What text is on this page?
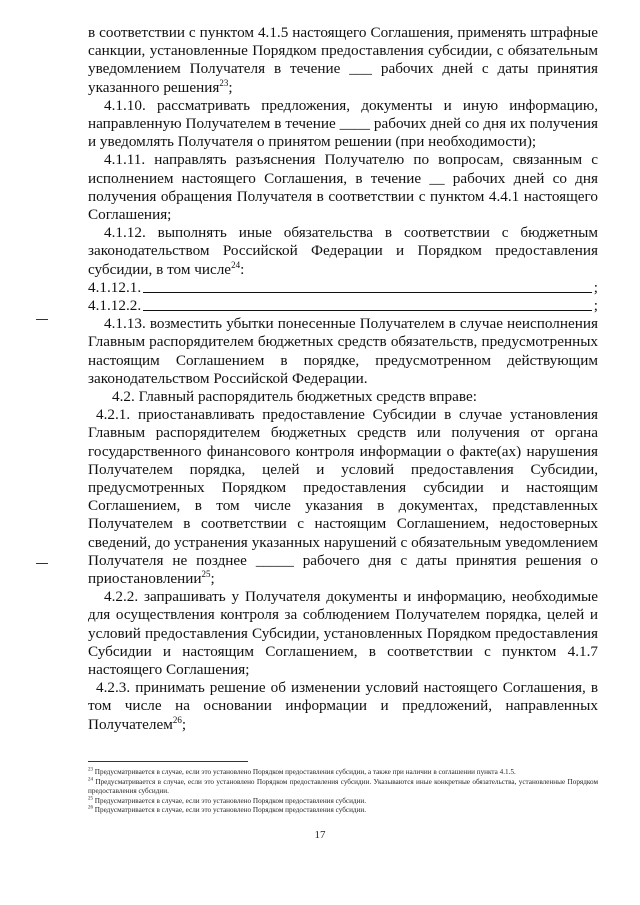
в соответствии с пунктом 4.1.5 настоящего Соглашения, применять штрафные санкции, установленные Порядком предоставления субсидии, с обязательным уведомлением Получателя в течение ___ рабочих дней с даты принятия указанного решения$^{23}$;

4.1.10. рассматривать предложения, документы и иную информацию, направленную Получателем в течение ____ рабочих дней со дня их получения и уведомлять Получателя о принятом решении (при необходимости);

4.1.11. направлять разъяснения Получателю по вопросам, связанным с исполнением настоящего Соглашения, в течение __ рабочих дней со дня получения обращения Получателя в соответствии с пунктом 4.4.1 настоящего Соглашения;

4.1.12. выполнять иные обязательства в соответствии с бюджетным законодательством Российской Федерации и Порядком предоставления субсидии, в том числе$^{24}$:

4.1.12.1.	;
4.1.12.2.	;

4.1.13. возместить убытки понесенные Получателем в случае неисполнения Главным распорядителем бюджетных средств обязательств, предусмотренных настоящим Соглашением в порядке, предусмотренном действующим законодательством Российской Федерации.

4.2. Главный распорядитель бюджетных средств вправе:

4.2.1. приостанавливать предоставление Субсидии в случае установления Главным распорядителем бюджетных средств или получения от органа государственного финансового контроля информации о факте(ах) нарушения Получателем порядка, целей и условий предоставления Субсидии, предусмотренных Порядком предоставления субсидии и настоящим Соглашением, в том числе указания в документах, представленных Получателем в соответствии с настоящим Соглашением, недостоверных сведений, до устранения указанных нарушений с обязательным уведомлением Получателя не позднее _____ рабочего дня с даты принятия решения о приостановлении$^{25}$;

4.2.2. запрашивать у Получателя документы и информацию, необходимые для осуществления контроля за соблюдением Получателем порядка, целей и условий предоставления Субсидии, установленных Порядком предоставления Субсидии и настоящим Соглашением, в соответствии с пунктом 4.1.7 настоящего Соглашения;

4.2.3. принимать решение об изменении условий настоящего Соглашения, в том числе на основании информации и предложений, направленных Получателем$^{26}$;

$^{23}$ Предусматривается в случае, если это установлено Порядком предоставления субсидии, а также при наличии в соглашении пункта 4.1.5.

$^{24}$ Предусматривается в случае, если это установлено Порядком предоставления субсидии. Указываются иные конкретные обязательства, установленные Порядком предоставления субсидии.

$^{25}$ Предусматривается в случае, если это установлено Порядком предоставления субсидии.

$^{26}$ Предусматривается в случае, если это установлено Порядком предоставления субсидии.

17
